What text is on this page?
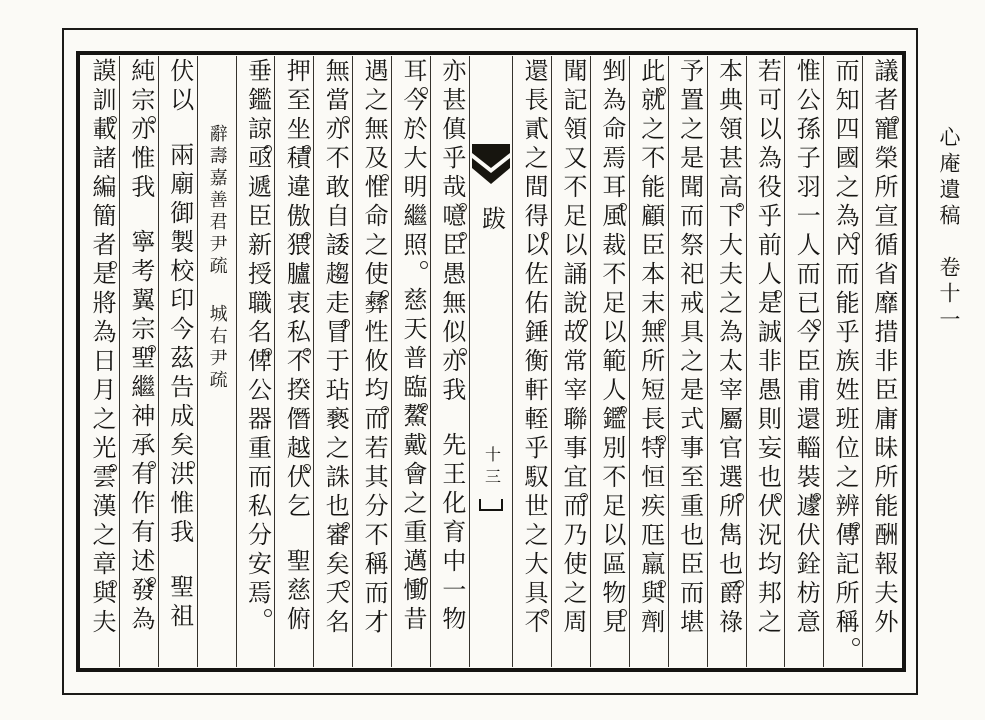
心庵遺稿　卷十一
議者寵榮所宣循省靡措非臣庸昧所能酬報夫外
而知四國之為內而能乎族姓班位之辨傳記所稱
惟公孫子羽一人而已今臣甫還輜裝遽伏銓枋意
若可以為役乎前人是誠非愚則妄也伏況均邦之
本典領甚高下大夫之為太宰屬官選所雋也爵祿
予置之是聞而祭祀戒具之是式事至重也臣而堪
此就之不能顧臣本末無所短長特恒疾尫羸與劑
剉為命焉耳風裁不足以範人鑑別不足以區物見
聞記領又不足以誦說故常宰聯事宜而乃使之周
還長貳之間得以佐佑錘衡軒輊乎馭世之大具不
跋
十三
亦甚傎乎哉噫臣愚無似亦我先王化育中一物
耳今於大明繼照慈天普臨鰲戴會之重邁慟昔
遇之無及惟命之使彝性攸均而若其分不稱而才
無當亦不敢自諉趨走冒于玷褻之誅也審矣夭名
押至坐積違傲猥臚衷私不揆僭越伏乞聖慈俯
垂鑑諒亟遞臣新授職名俾公器重而私分安焉
辭壽嘉善君尹疏城右尹疏
伏以兩廟御製校印今茲告成矣洪惟我聖祖
純宗亦惟我寧考翼宗聖繼神承有作有述發為
謨訓載諸編簡者是將為日月之光雲漢之章與夫
